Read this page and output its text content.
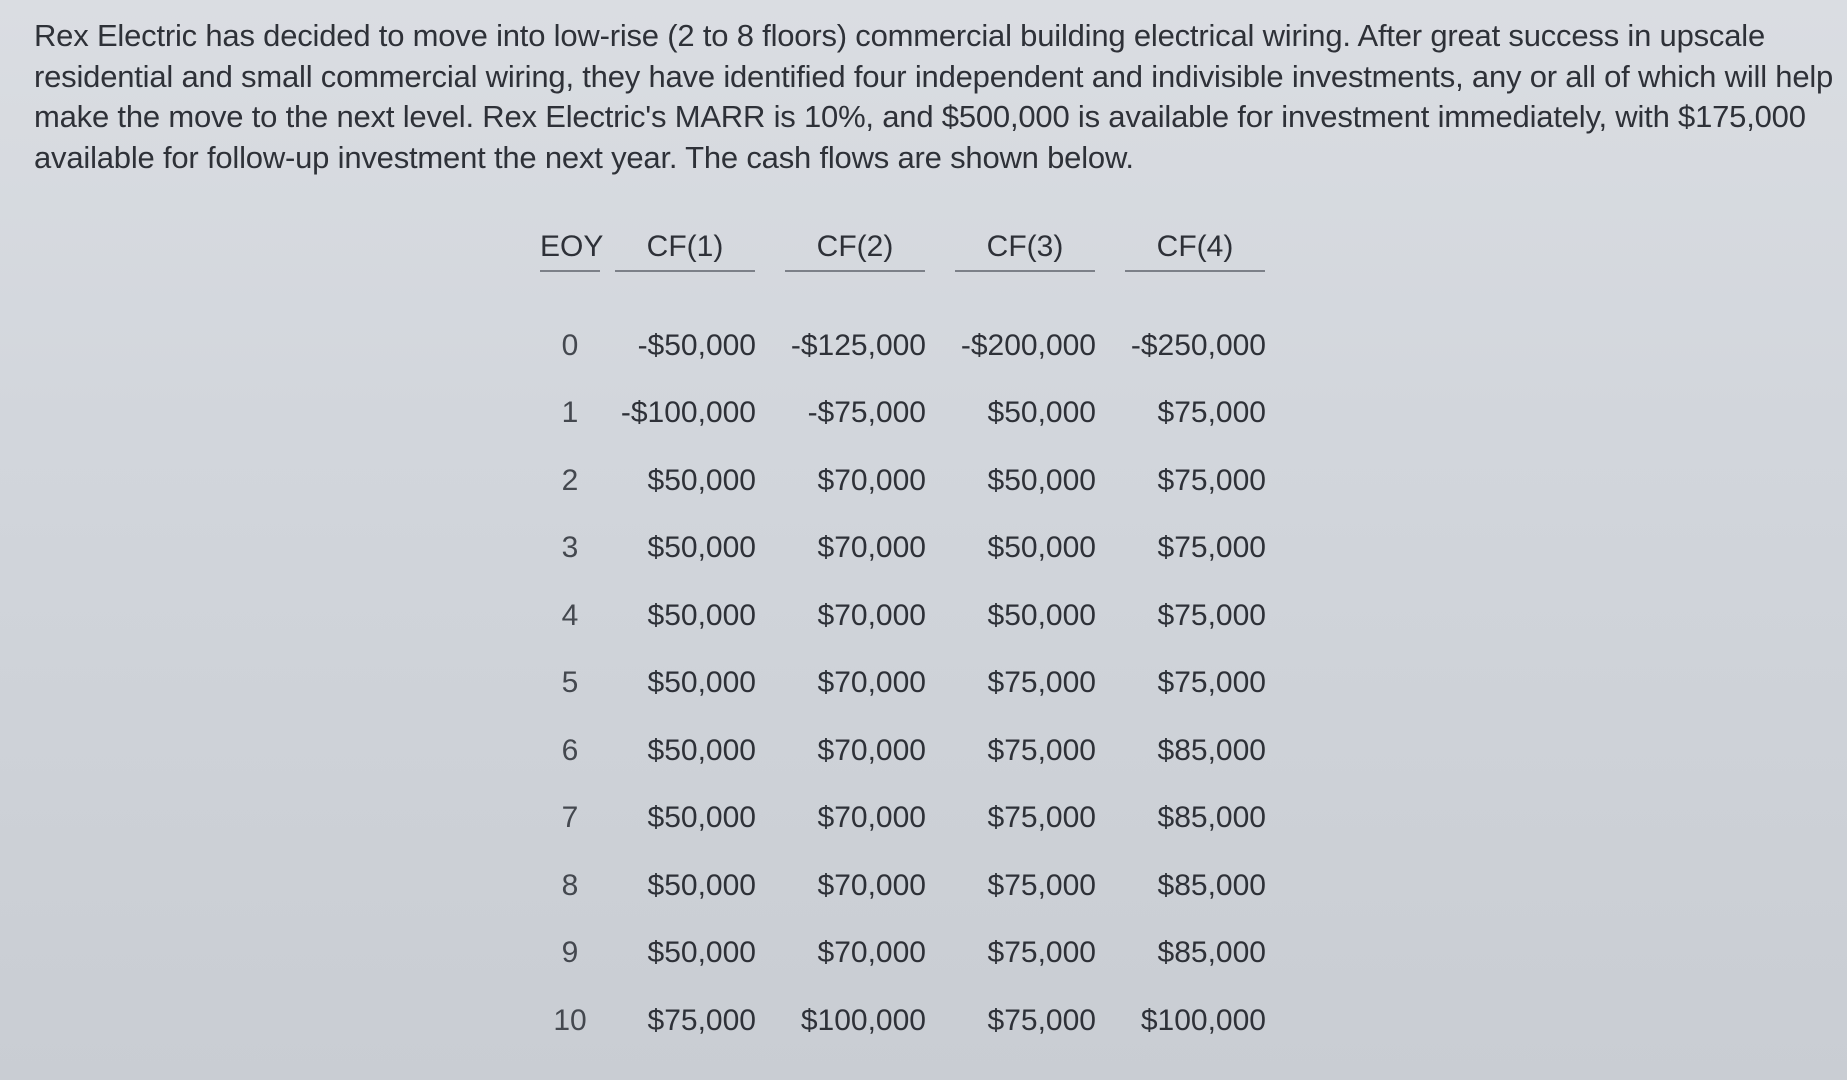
Rex Electric has decided to move into low-rise (2 to 8 floors) commercial building electrical wiring. After great success in upscale
residential and small commercial wiring, they have identified four independent and indivisible investments, any or all of which will help
make the move to the next level. Rex Electric's MARR is 10%, and $500,000 is available for investment immediately, with $175,000
available for follow-up investment the next year. The cash flows are shown below.
EOY	CF(1)	CF(2)	CF(3)	CF(4)

0	-$50,000	-$125,000	-$200,000	-$250,000
1	-$100,000	-$75,000	$50,000	$75,000
2	$50,000	$70,000	$50,000	$75,000
3	$50,000	$70,000	$50,000	$75,000
4	$50,000	$70,000	$50,000	$75,000
5	$50,000	$70,000	$75,000	$75,000
6	$50,000	$70,000	$75,000	$85,000
7	$50,000	$70,000	$75,000	$85,000
8	$50,000	$70,000	$75,000	$85,000
9	$50,000	$70,000	$75,000	$85,000
10	$75,000	$100,000	$75,000	$100,000
